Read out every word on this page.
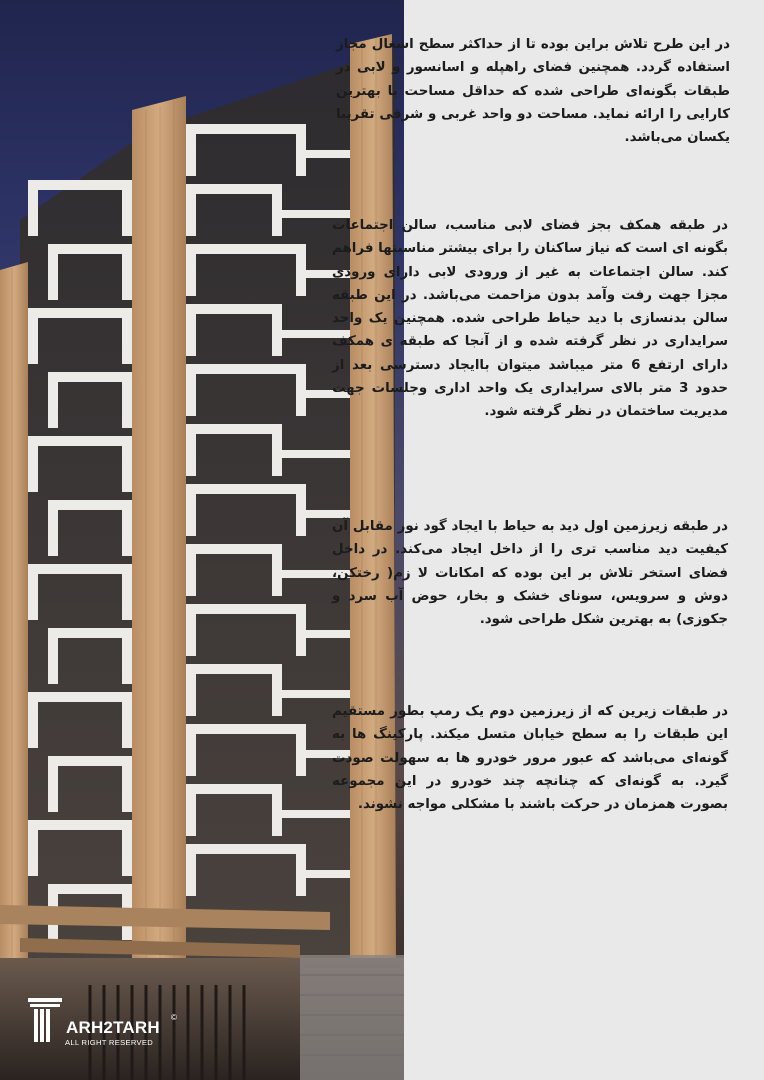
ARH2TARH
©
ALL RIGHT RESERVED

در این طرح تلاش براین بوده تا از حداکثر سطح اشغال مجاز استفاده گردد. همچنین فضای راهپله و اسانسور و لابی در طبقات بگونه‌ای طراحی شده که حداقل مساحت با بهترین کارایی را ارائه نماید. مساحت دو واحد غربی و شرقی تقریبا یکسان می‌باشد.

در طبقه همکف بجز فضای لابی مناسب، سالن اجتماعات بگونه ای است که نیاز ساکنان را برای بیشتر مناسبتها فراهم کند. سالن اجتماعات به غیر از ورودی لابی دارای ورودی مجزا جهت رفت وآمد بدون مزاحمت می‌باشد. در این طبقه سالن بدنسازی با دید حیاط طراحی شده. همچنین یک واحد سرایداری در نظر گرفته شده و از آنجا که طبقه ی همکف دارای ارتفع 6 متر میباشد میتوان باایجاد دسترسی بعد از حدود 3 متر بالای سرایداری یک واحد اداری وجلسات جهت مدیریت ساختمان در نظر گرفته شود.

در طبقه زیرزمین اول دید به حیاط با ایجاد گود نور مقابل آن کیفیت دید مناسب تری را از داخل ایجاد می‌کند. در داخل فضای استخر تلاش بر این بوده که امکانات لا زم( رختکن، دوش و سرویس، سونای خشک و بخار، حوض آب سرد و جکوزی) به بهترین شکل طراحی شود.

در طبقات زیرین که از زیرزمین دوم یک رمپ بطور مستقیم این طبقات را به سطح خیابان متسل میکند. پارکینگ ها به گونه‌ای می‌باشد که عبور مرور خودرو ها به سهولت صودت گیرد. به گونه‌ای که چنانچه چند خودرو در این مجموعه بصورت همزمان در حرکت باشند با مشکلی مواجه نشوند.
